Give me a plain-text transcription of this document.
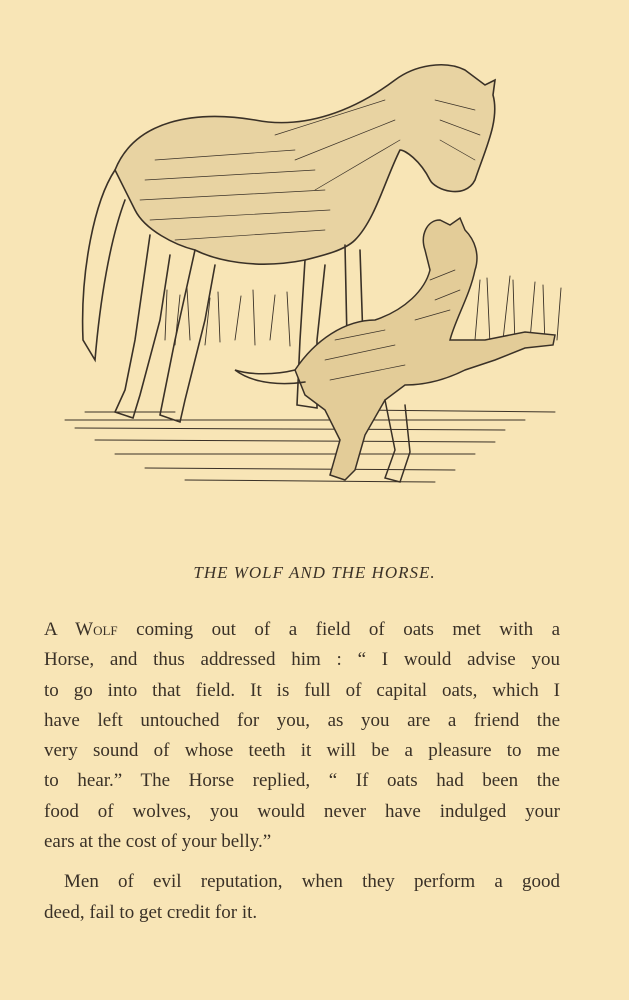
THE WOLF AND THE HORSE.
A Wolf coming out of a field of oats met with a
Horse, and thus addressed him : “ I would advise you
to go into that field. It is full of capital oats, which I
have left untouched for you, as you are a friend the
very sound of whose teeth it will be a pleasure to me
to hear.” The Horse replied, “ If oats had been the
food of wolves, you would never have indulged your
ears at the cost of your belly.”
Men of evil reputation, when they perform a good
deed, fail to get credit for it.
